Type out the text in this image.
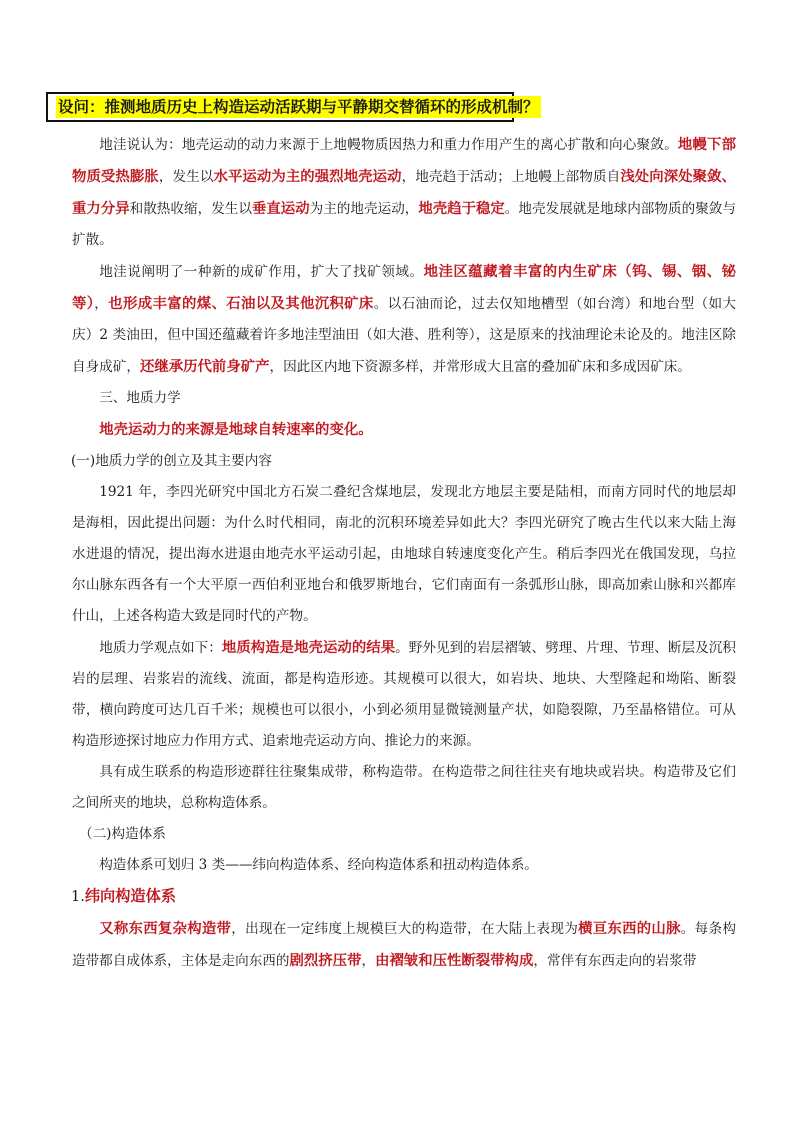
设问：推测地质历史上构造运动活跃期与平静期交替循环的形成机制？

地洼说认为：地壳运动的动力来源于上地幔物质因热力和重力作用产生的离心扩散和向心聚敛。地幔下部物质受热膨胀，发生以水平运动为主的强烈地壳运动，地壳趋于活动；上地幔上部物质自浅处向深处聚敛、重力分异和散热收缩，发生以垂直运动为主的地壳运动，地壳趋于稳定。地壳发展就是地球内部物质的聚敛与扩散。

地洼说阐明了一种新的成矿作用，扩大了找矿领域。地洼区蕴藏着丰富的内生矿床（钨、锡、铟、铋等），也形成丰富的煤、石油以及其他沉积矿床。以石油而论，过去仅知地槽型（如台湾）和地台型（如大庆）2 类油田，但中国还蕴藏着许多地洼型油田（如大港、胜利等），这是原来的找油理论未论及的。地洼区除自身成矿，还继承历代前身矿产，因此区内地下资源多样，并常形成大且富的叠加矿床和多成因矿床。

三、地质力学

地壳运动力的来源是地球自转速率的变化。

(一)地质力学的创立及其主要内容

1921 年，李四光研究中国北方石炭二叠纪含煤地层，发现北方地层主要是陆相，而南方同时代的地层却是海相，因此提出问题：为什么时代相同，南北的沉积环境差异如此大？李四光研究了晚古生代以来大陆上海水进退的情况，提出海水进退由地壳水平运动引起，由地球自转速度变化产生。稍后李四光在俄国发现，乌拉尔山脉东西各有一个大平原一西伯利亚地台和俄罗斯地台，它们南面有一条弧形山脉，即高加索山脉和兴都库什山，上述各构造大致是同时代的产物。

地质力学观点如下：地质构造是地壳运动的结果。野外见到的岩层褶皱、劈理、片理、节理、断层及沉积岩的层理、岩浆岩的流线、流面，都是构造形迹。其规模可以很大，如岩块、地块、大型隆起和坳陷、断裂带，横向跨度可达几百千米；规模也可以很小，小到必须用显微镜测量产状，如隐裂隙，乃至晶格错位。可从构造形迹探讨地应力作用方式、追索地壳运动方向、推论力的来源。

具有成生联系的构造形迹群往往聚集成带，称构造带。在构造带之间往往夹有地块或岩块。构造带及它们之间所夹的地块，总称构造体系。

（二)构造体系

构造体系可划归 3 类——纬向构造体系、经向构造体系和扭动构造体系。

1.纬向构造体系

又称东西复杂构造带，出现在一定纬度上规模巨大的构造带，在大陆上表现为横亘东西的山脉。每条构造带都自成体系，主体是走向东西的剧烈挤压带，由褶皱和压性断裂带构成，常伴有东西走向的岩浆带
